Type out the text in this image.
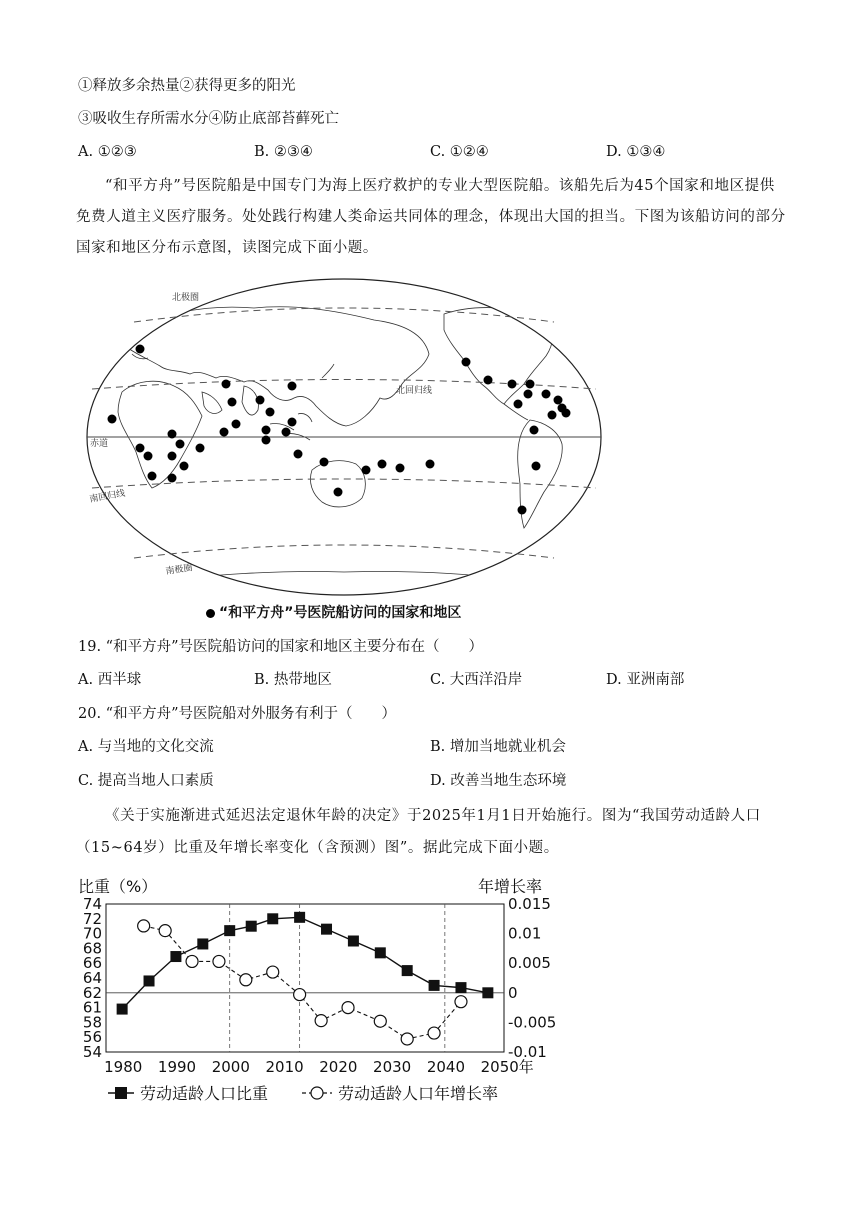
①释放多余热量②获得更多的阳光
③吸收生存所需水分④防止底部苔藓死亡
A. ①②③	B. ②③④	C. ①②④	D. ①③④
“和平方舟”号医院船是中国专门为海上医疗救护的专业大型医院船。该船先后为45个国家和地区提供免费人道主义医疗服务。处处践行构建人类命运共同体的理念，体现出大国的担当。下图为该船访问的部分国家和地区分布示意图，读图完成下面小题。
北极圈
北回归线
赤道
南回归线
南极圈
“和平方舟”号医院船访问的国家和地区
19. “和平方舟”号医院船访问的国家和地区主要分布在（　　）
A. 西半球	B. 热带地区	C. 大西洋沿岸	D. 亚洲南部
20. “和平方舟”号医院船对外服务有利于（　　）
A. 与当地的文化交流	B. 增加当地就业机会
C. 提高当地人口素质	D. 改善当地生态环境
《关于实施渐进式延迟法定退休年龄的决定》于2025年1月1日开始施行。图为“我国劳动适龄人口（15~64岁）比重及年增长率变化（含预测）图”。据此完成下面小题。
比重（%）	年增长率
74
72
70
68
66
64
62
61
58
56
54
0.015
0.01
0.005
0
-0.005
-0.01
1980 1990 2000 2010 2020 2030 2040 2050年
劳动适龄人口比重	劳动适龄人口年增长率
